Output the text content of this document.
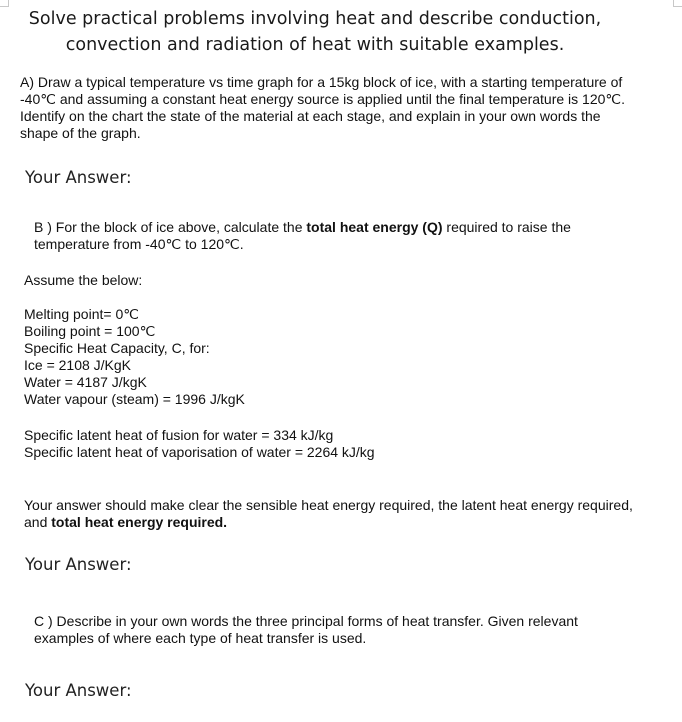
Solve practical problems involving heat and describe conduction,
convection and radiation of heat with suitable examples.
A) Draw a typical temperature vs time graph for a 15kg block of ice, with a starting temperature of
-40℃ and assuming a constant heat energy source is applied until the final temperature is 120℃.
Identify on the chart the state of the material at each stage, and explain in your own words the
shape of the graph.
Your Answer:
B ) For the block of ice above, calculate the total heat energy (Q) required to raise the
temperature from -40℃ to 120℃.
Assume the below:
Melting point= 0℃
Boiling point = 100℃
Specific Heat Capacity, C, for:
Ice = 2108 J/KgK
Water = 4187 J/kgK
Water vapour (steam) = 1996 J/kgK
Specific latent heat of fusion for water = 334 kJ/kg
Specific latent heat of vaporisation of water = 2264 kJ/kg
Your answer should make clear the sensible heat energy required, the latent heat energy required,
and total heat energy required.
Your Answer:
C ) Describe in your own words the three principal forms of heat transfer. Given relevant
examples of where each type of heat transfer is used.
Your Answer:
